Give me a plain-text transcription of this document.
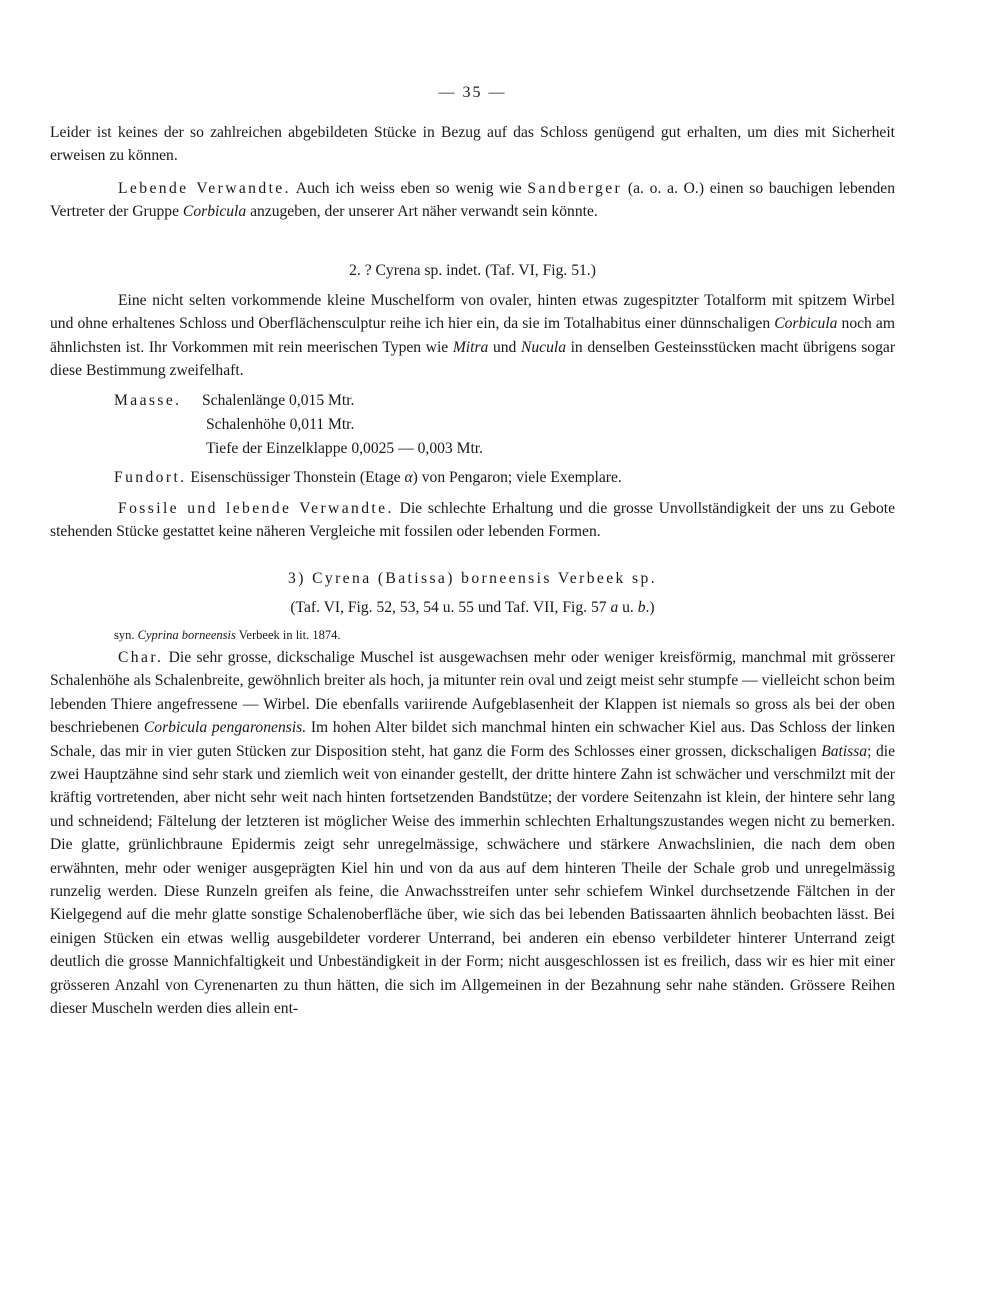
— 35 —
Leider ist keines der so zahlreichen abgebildeten Stücke in Bezug auf das Schloss genügend gut erhalten, um dies mit Sicherheit erweisen zu können.
Lebende Verwandte. Auch ich weiss eben so wenig wie Sandberger (a. o. a. O.) einen so bauchigen lebenden Vertreter der Gruppe Corbicula anzugeben, der unserer Art näher verwandt sein könnte.
2. ? Cyrena sp. indet. (Taf. VI, Fig. 51.)
Eine nicht selten vorkommende kleine Muschelform von ovaler, hinten etwas zugespitzter Totalform mit spitzem Wirbel und ohne erhaltenes Schloss und Oberflächensculptur reihe ich hier ein, da sie im Totalhabitus einer dünnschaligen Corbicula noch am ähnlichsten ist. Ihr Vorkommen mit rein meerischen Typen wie Mitra und Nucula in denselben Gesteinsstücken macht übrigens sogar diese Bestimmung zweifelhaft.
Maasse. Schalenlänge 0,015 Mtr.
Schalenhöhe 0,011 Mtr.
Tiefe der Einzelklappe 0,0025 — 0,003 Mtr.
Fundort. Eisenschüssiger Thonstein (Etage α) von Pengaron; viele Exemplare.
Fossile und lebende Verwandte. Die schlechte Erhaltung und die grosse Unvollständigkeit der uns zu Gebote stehenden Stücke gestattet keine näheren Vergleiche mit fossilen oder lebenden Formen.
3) Cyrena (Batissa) borneensis Verbeek sp.
(Taf. VI, Fig. 52, 53, 54 u. 55 und Taf. VII, Fig. 57 a u. b.)
syn. Cyprina borneensis Verbeek in lit. 1874.
Char. Die sehr grosse, dickschalige Muschel ist ausgewachsen mehr oder weniger kreisförmig, manchmal mit grösserer Schalenhöhe als Schalenbreite, gewöhnlich breiter als hoch, ja mitunter rein oval und zeigt meist sehr stumpfe — vielleicht schon beim lebenden Thiere angefressene — Wirbel. Die ebenfalls variirende Aufgeblasenheit der Klappen ist niemals so gross als bei der oben beschriebenen Corbicula pengaronensis. Im hohen Alter bildet sich manchmal hinten ein schwacher Kiel aus. Das Schloss der linken Schale, das mir in vier guten Stücken zur Disposition steht, hat ganz die Form des Schlosses einer grossen, dickschaligen Batissa; die zwei Hauptzähne sind sehr stark und ziemlich weit von einander gestellt, der dritte hintere Zahn ist schwächer und verschmilzt mit der kräftig vortretenden, aber nicht sehr weit nach hinten fortsetzenden Bandstütze; der vordere Seitenzahn ist klein, der hintere sehr lang und schneidend; Fältelung der letzteren ist möglicher Weise des immerhin schlechten Erhaltungszustandes wegen nicht zu bemerken. Die glatte, grünlichbraune Epidermis zeigt sehr unregelmässige, schwächere und stärkere Anwachslinien, die nach dem oben erwähnten, mehr oder weniger ausgeprägten Kiel hin und von da aus auf dem hinteren Theile der Schale grob und unregelmässig runzelig werden. Diese Runzeln greifen als feine, die Anwachsstreifen unter sehr schiefem Winkel durchsetzende Fältchen in der Kielgegend auf die mehr glatte sonstige Schalenoberfläche über, wie sich das bei lebenden Batissaarten ähnlich beobachten lässt. Bei einigen Stücken ein etwas wellig ausgebildeter vorderer Unterrand, bei anderen ein ebenso verbildeter hinterer Unterrand zeigt deutlich die grosse Mannichfaltigkeit und Unbeständigkeit in der Form; nicht ausgeschlossen ist es freilich, dass wir es hier mit einer grösseren Anzahl von Cyrenenarten zu thun hätten, die sich im Allgemeinen in der Bezahnung sehr nahe ständen. Grössere Reihen dieser Muscheln werden dies allein ent-
